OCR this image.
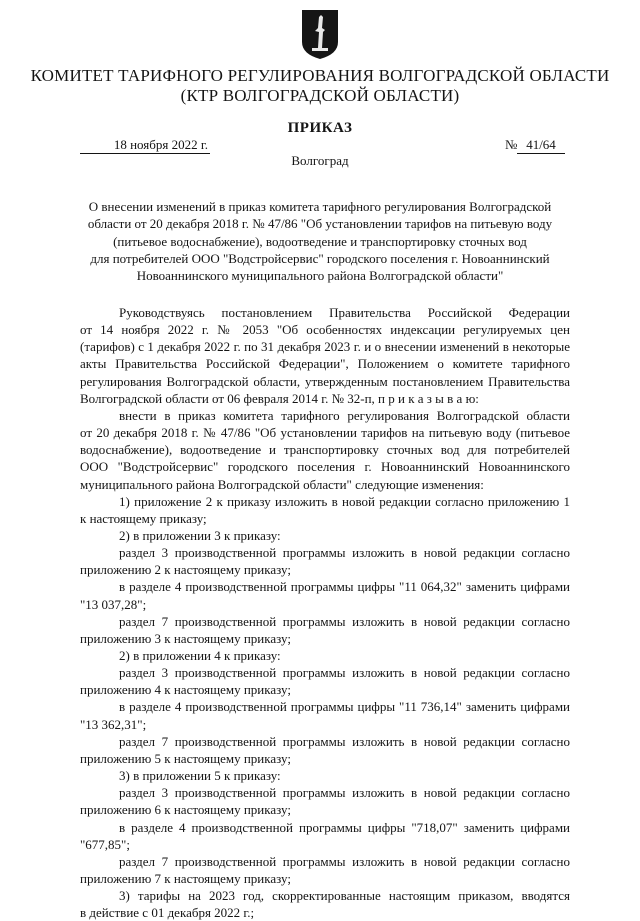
КОМИТЕТ ТАРИФНОГО РЕГУЛИРОВАНИЯ ВОЛГОГРАДСКОЙ ОБЛАСТИ
(КТР ВОЛГОГРАДСКОЙ ОБЛАСТИ)
ПРИКАЗ
18 ноября 2022 г.	№ 41/64
Волгоград
О внесении изменений в приказ комитета тарифного регулирования Волгоградской
области от 20 декабря 2018 г. № 47/86 "Об установлении тарифов на питьевую воду
(питьевое водоснабжение), водоотведение и транспортировку сточных вод
для потребителей ООО "Водстройсервис" городского поселения г. Новоаннинский
Новоаннинского муниципального района Волгоградской области"
Руководствуясь постановлением Правительства Российской Федерации
от 14 ноября 2022 г. № 2053 "Об особенностях индексации регулируемых цен
(тарифов) с 1 декабря 2022 г. по 31 декабря 2023 г. и о внесении изменений в некоторые
акты Правительства Российской Федерации", Положением о комитете тарифного
регулирования Волгоградской области, утвержденным постановлением Правительства
Волгоградской области от 06 февраля 2014 г. № 32-п, п р и к а з ы в а ю:
внести в приказ комитета тарифного регулирования Волгоградской области
от 20 декабря 2018 г. № 47/86 "Об установлении тарифов на питьевую воду (питьевое
водоснабжение), водоотведение и транспортировку сточных вод для потребителей
ООО "Водстройсервис" городского поселения г. Новоаннинский Новоаннинского
муниципального района Волгоградской области" следующие изменения:
1) приложение 2 к приказу изложить в новой редакции согласно приложению 1
к настоящему приказу;
2) в приложении 3 к приказу:
раздел 3 производственной программы изложить в новой редакции согласно
приложению 2 к настоящему приказу;
в разделе 4 производственной программы цифры "11 064,32" заменить цифрами
"13 037,28";
раздел 7 производственной программы изложить в новой редакции согласно
приложению 3 к настоящему приказу;
2) в приложении 4 к приказу:
раздел 3 производственной программы изложить в новой редакции согласно
приложению 4 к настоящему приказу;
в разделе 4 производственной программы цифры "11 736,14" заменить цифрами
"13 362,31";
раздел 7 производственной программы изложить в новой редакции согласно
приложению 5 к настоящему приказу;
3) в приложении 5 к приказу:
раздел 3 производственной программы изложить в новой редакции согласно
приложению 6 к настоящему приказу;
в разделе 4 производственной программы цифры "718,07" заменить цифрами
"677,85";
раздел 7 производственной программы изложить в новой редакции согласно
приложению 7 к настоящему приказу;
3) тарифы на 2023 год, скорректированные настоящим приказом, вводятся
в действие с 01 декабря 2022 г.;
